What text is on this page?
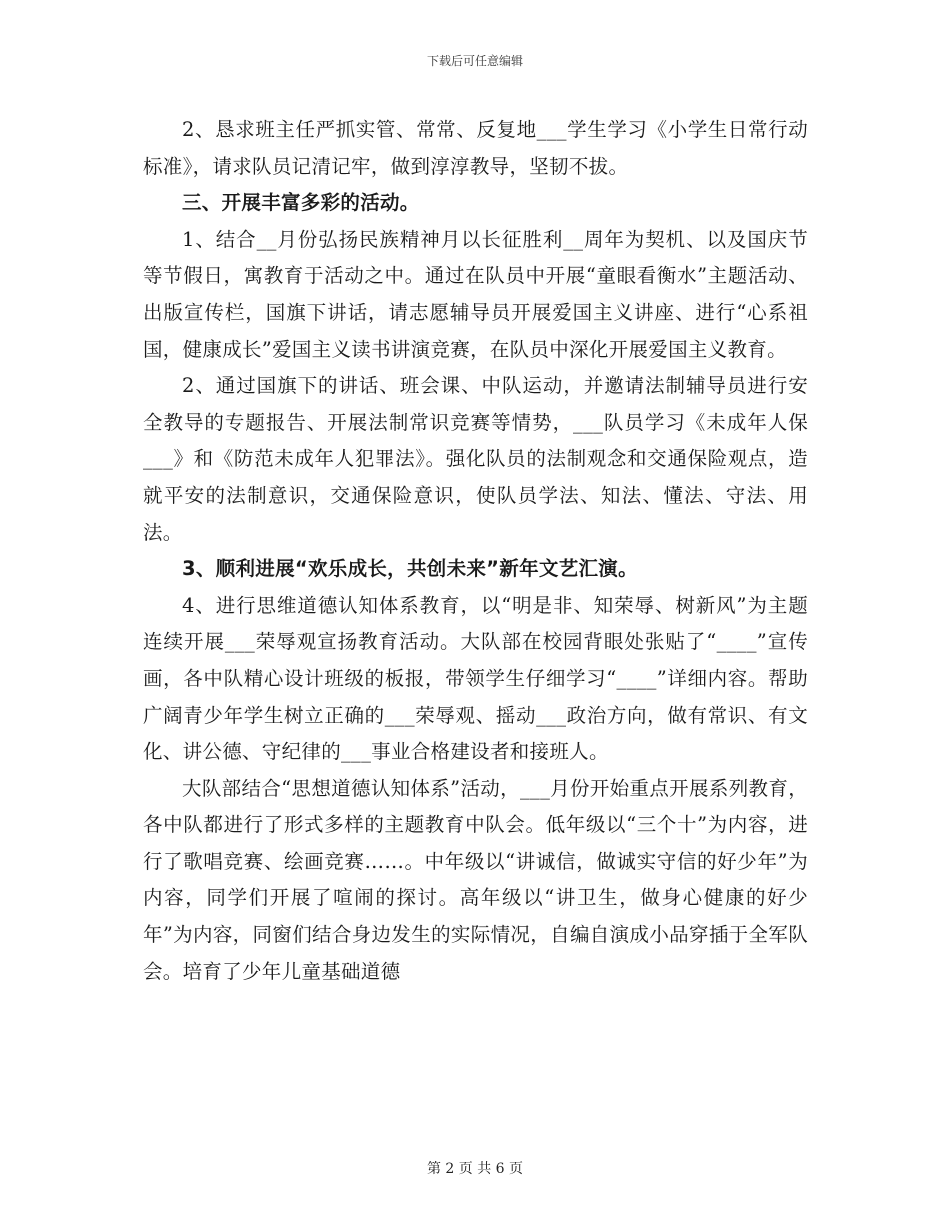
下载后可任意编辑

2、恳求班主任严抓实管、常常、反复地___学生学习《小学生日常行动标准》，请求队员记清记牢，做到淳淳教导，坚韧不拔。

三、开展丰富多彩的活动。

1、结合__月份弘扬民族精神月以长征胜利__周年为契机、以及国庆节等节假日，寓教育于活动之中。通过在队员中开展“童眼看衡水”主题活动、出版宣传栏，国旗下讲话，请志愿辅导员开展爱国主义讲座、进行“心系祖国，健康成长”爱国主义读书讲演竞赛，在队员中深化开展爱国主义教育。

2、通过国旗下的讲话、班会课、中队运动，并邀请法制辅导员进行安全教导的专题报告、开展法制常识竞赛等情势，___队员学习《未成年人保___》和《防范未成年人犯罪法》。强化队员的法制观念和交通保险观点，造就平安的法制意识，交通保险意识，使队员学法、知法、懂法、守法、用法。

3、顺利进展“欢乐成长，共创未来”新年文艺汇演。

4、进行思维道德认知体系教育，以“明是非、知荣辱、树新风”为主题连续开展___荣辱观宣扬教育活动。大队部在校园背眼处张贴了“____”宣传画，各中队精心设计班级的板报，带领学生仔细学习“____”详细内容。帮助广阔青少年学生树立正确的___荣辱观、摇动___政治方向，做有常识、有文化、讲公德、守纪律的___事业合格建设者和接班人。

大队部结合“思想道德认知体系”活动，___月份开始重点开展系列教育，各中队都进行了形式多样的主题教育中队会。低年级以“三个十”为内容，进行了歌唱竞赛、绘画竞赛……。中年级以“讲诚信，做诚实守信的好少年”为内容，同学们开展了喧闹的探讨。高年级以“讲卫生，做身心健康的好少年”为内容，同窗们结合身边发生的实际情况，自编自演成小品穿插于全军队会。培育了少年儿童基础道德

第 2 页 共 6 页
